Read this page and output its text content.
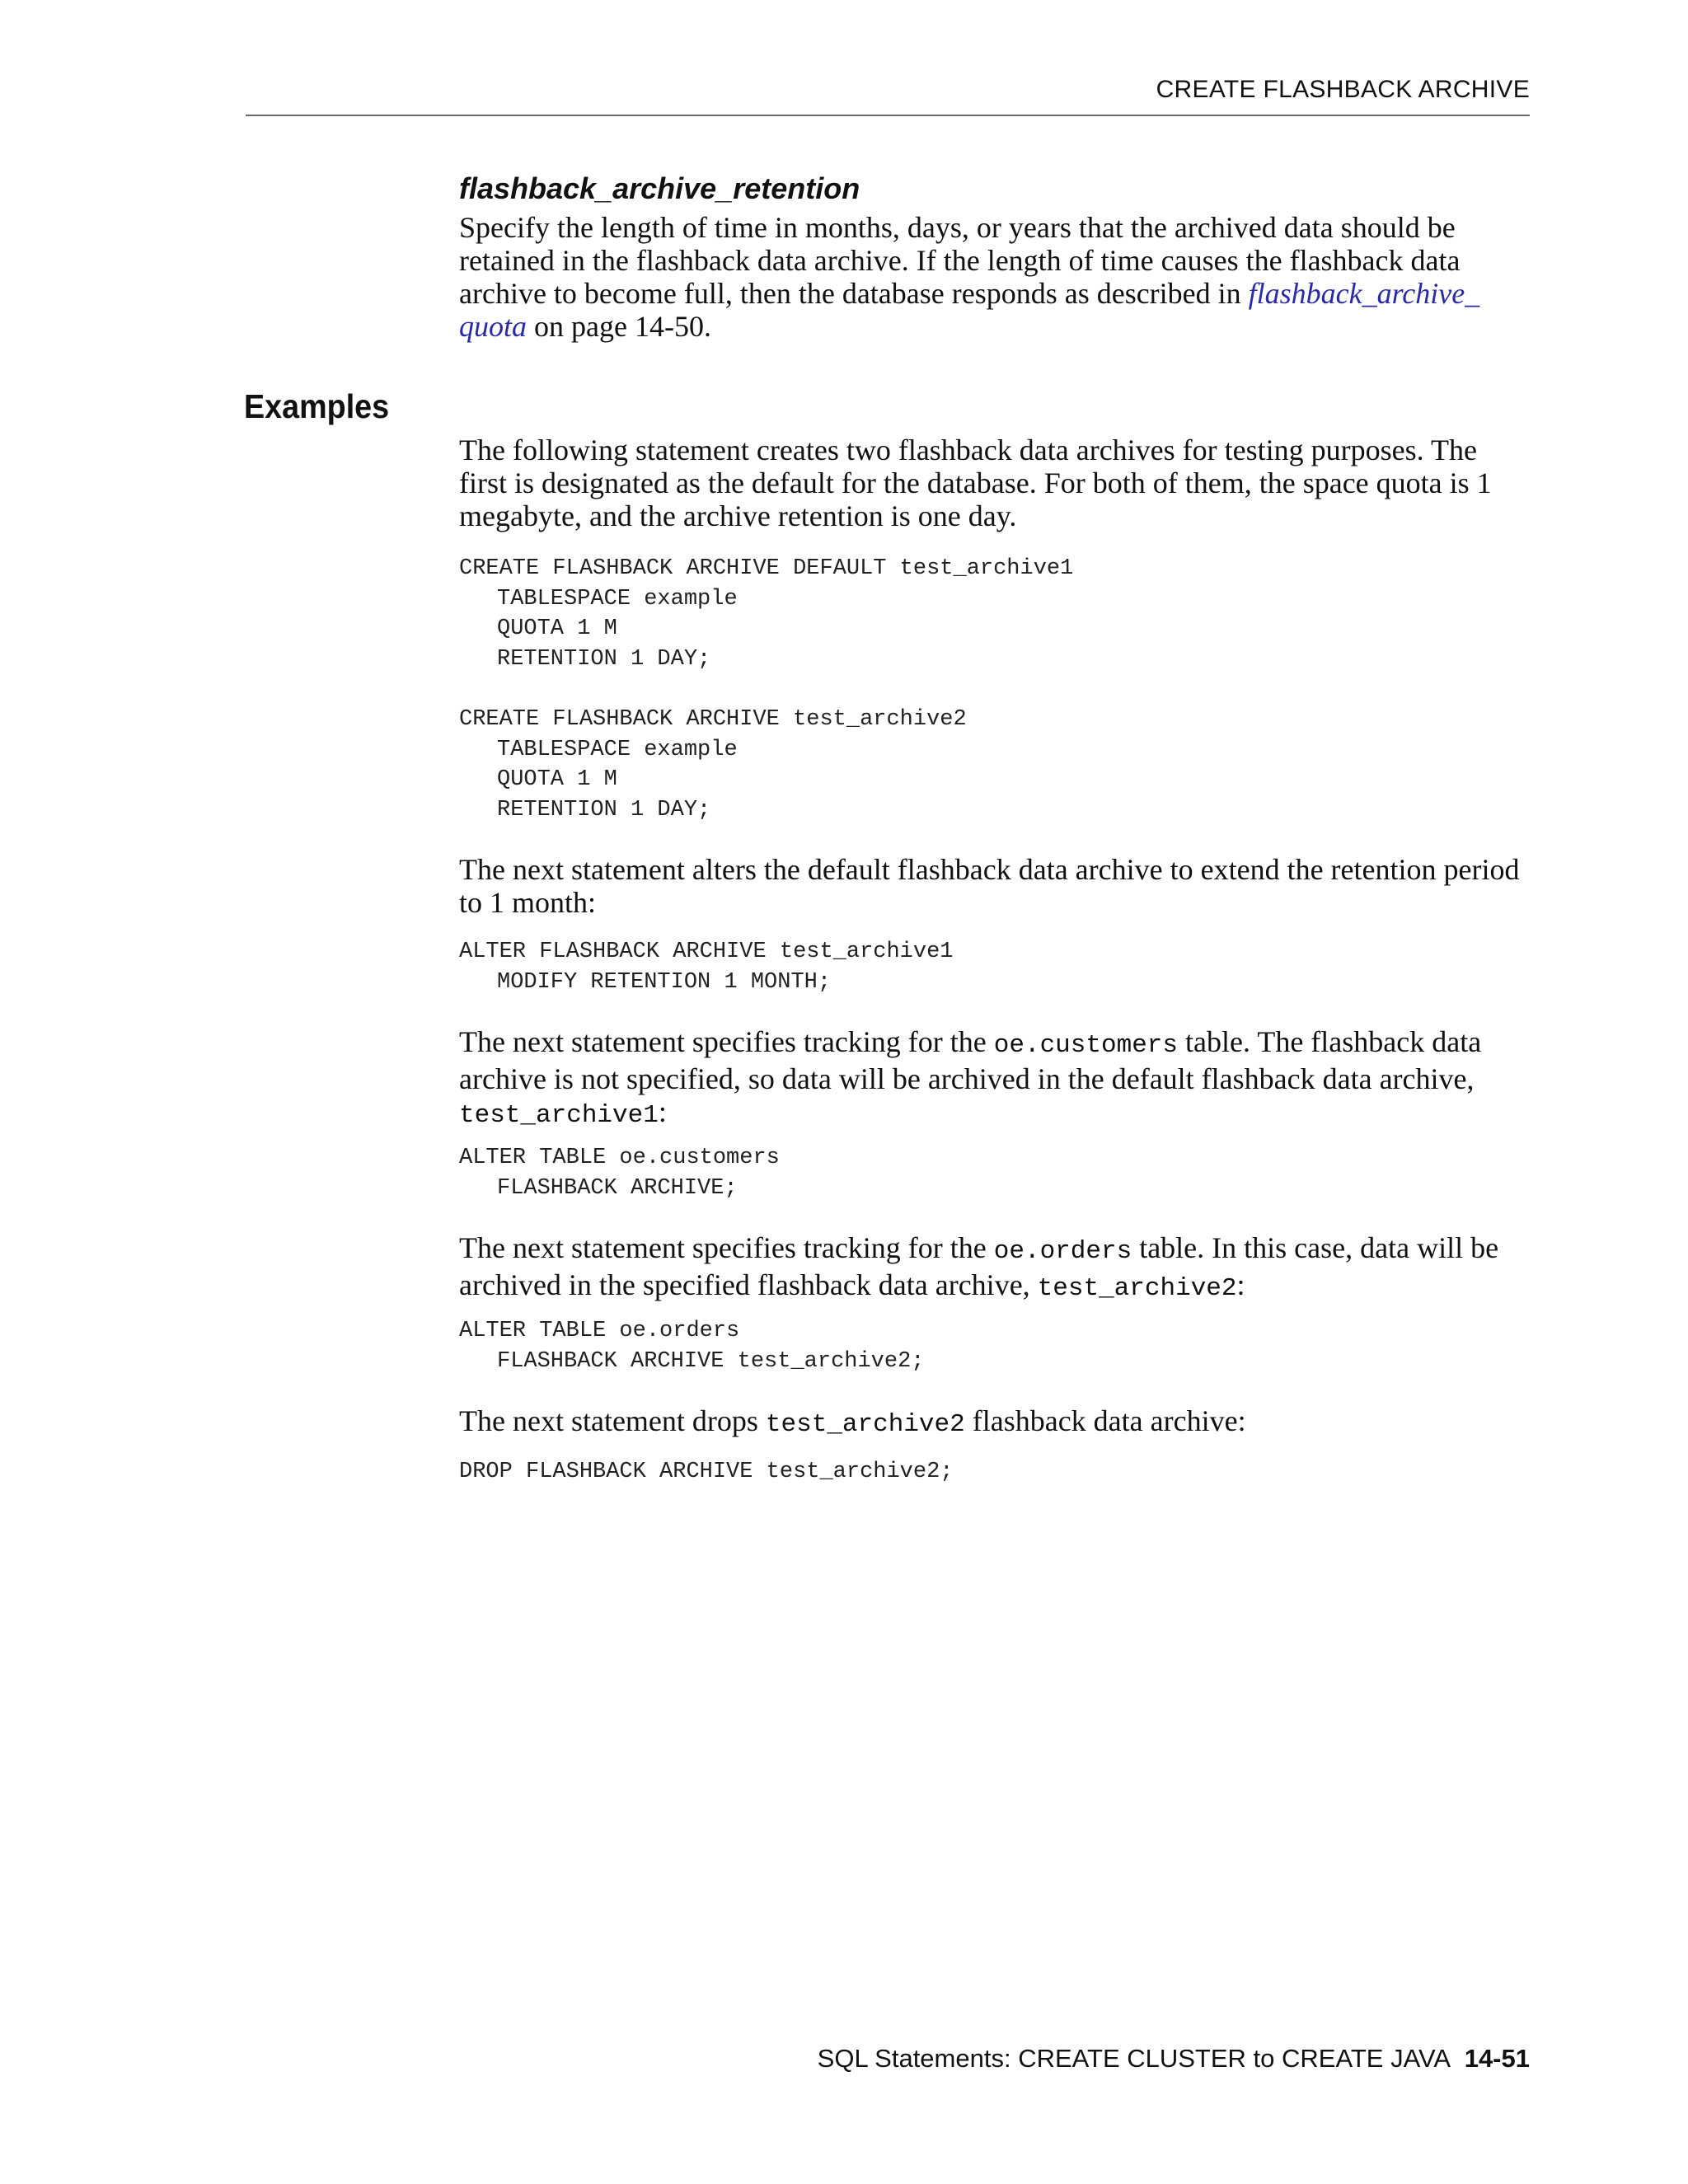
CREATE FLASHBACK ARCHIVE
flashback_archive_retention

Specify the length of time in months, days, or years that the archived data should be retained in the flashback data archive. If the length of time causes the flashback data archive to become full, then the database responds as described in flashback_archive_
quota on page 14-50.

Examples

The following statement creates two flashback data archives for testing purposes. The first is designated as the default for the database. For both of them, the space quota is 1 megabyte, and the archive retention is one day.

CREATE FLASHBACK ARCHIVE DEFAULT test_archive1
TABLESPACE example
QUOTA 1 M
RETENTION 1 DAY;
CREATE FLASHBACK ARCHIVE test_archive2
TABLESPACE example
QUOTA 1 M
RETENTION 1 DAY;

The next statement alters the default flashback data archive to extend the retention period to 1 month:

ALTER FLASHBACK ARCHIVE test_archive1
MODIFY RETENTION 1 MONTH;

The next statement specifies tracking for the oe.customers table. The flashback data archive is not specified, so data will be archived in the default flashback data archive, test_archive1:

ALTER TABLE oe.customers
FLASHBACK ARCHIVE;

The next statement specifies tracking for the oe.orders table. In this case, data will be archived in the specified flashback data archive, test_archive2:

ALTER TABLE oe.orders
FLASHBACK ARCHIVE test_archive2;

The next statement drops test_archive2 flashback data archive:

DROP FLASHBACK ARCHIVE test_archive2;
SQL Statements: CREATE CLUSTER to CREATE JAVA 14-51
